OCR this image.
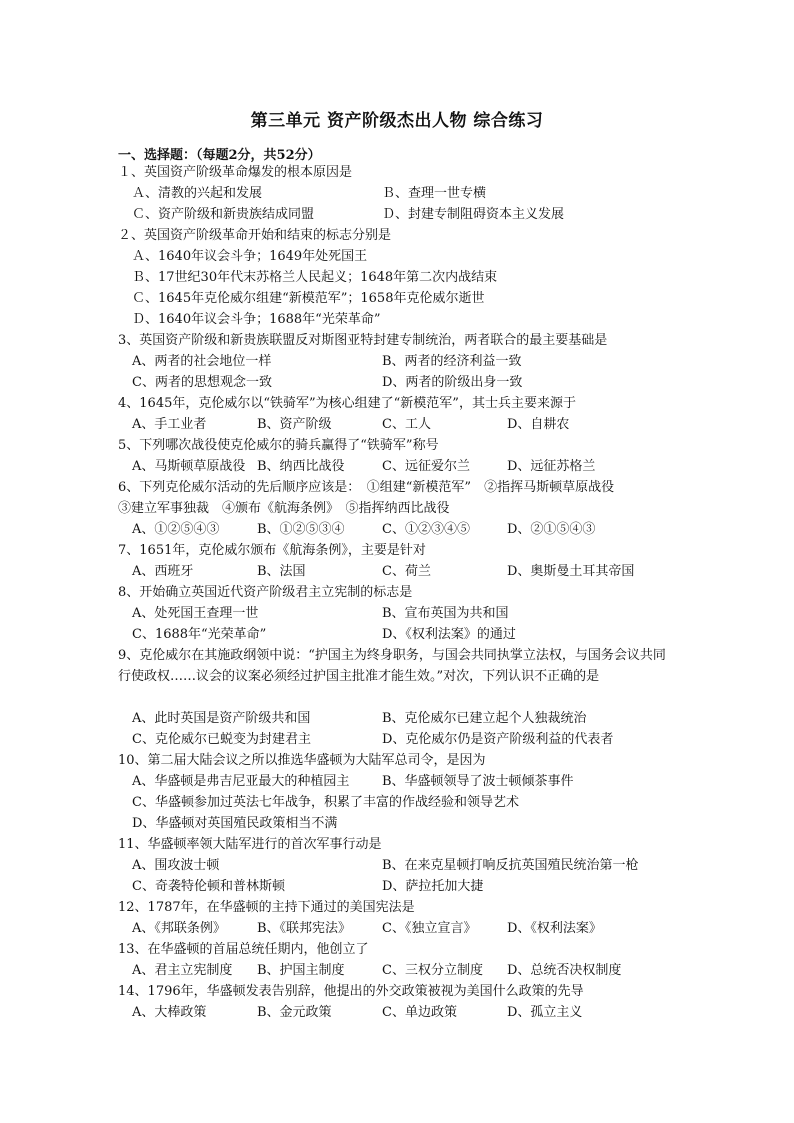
第三单元 资产阶级杰出人物 综合练习
一、选择题：（每题2分，共52分）
１、英国资产阶级革命爆发的根本原因是
Ａ、清教的兴起和发展	Ｂ、查理一世专横
Ｃ、资产阶级和新贵族结成同盟	Ｄ、封建专制阻碍资本主义发展
２、英国资产阶级革命开始和结束的标志分别是
Ａ、1640年议会斗争；1649年处死国王
Ｂ、17世纪30年代末苏格兰人民起义；1648年第二次内战结束
Ｃ、1645年克伦威尔组建“新模范军”；1658年克伦威尔逝世
Ｄ、1640年议会斗争；1688年“光荣革命”
3、英国资产阶级和新贵族联盟反对斯图亚特封建专制统治，两者联合的最主要基础是
A、两者的社会地位一样	B、两者的经济利益一致
C、两者的思想观念一致	D、两者的阶级出身一致
4、1645年，克伦威尔以“铁骑军”为核心组建了“新模范军”，其士兵主要来源于
A、手工业者	B、资产阶级	C、工人	D、自耕农
5、下列哪次战役使克伦威尔的骑兵赢得了“铁骑军”称号
A、马斯顿草原战役 B、纳西比战役	C、远征爱尔兰	D、远征苏格兰
6、下列克伦威尔活动的先后顺序应该是：　①组建“新模范军”　②指挥马斯顿草原战役
③建立军事独裁　④颁布《航海条例》　⑤指挥纳西比战役
A、①②⑤④③	B、①②⑤③④	C、①②③④⑤	D、②①⑤④③
7、1651年，克伦威尔颁布《航海条例》，主要是针对
A、西班牙	B、法国	C、荷兰	D、奥斯曼土耳其帝国
8、开始确立英国近代资产阶级君主立宪制的标志是
A、处死国王查理一世	B、宣布英国为共和国
C、1688年“光荣革命”	D、《权利法案》的通过
9、克伦威尔在其施政纲领中说：“护国主为终身职务，与国会共同执掌立法权，与国务会议共同行使政权……议会的议案必须经过护国主批准才能生效。”对次，下列认识不正确的是
A、此时英国是资产阶级共和国	B、克伦威尔已建立起个人独裁统治
C、克伦威尔已蜕变为封建君主	D、克伦威尔仍是资产阶级利益的代表者
10、第二届大陆会议之所以推选华盛顿为大陆军总司令，是因为
A、华盛顿是弗吉尼亚最大的种植园主	B、华盛顿领导了波士顿倾茶事件
C、华盛顿参加过英法七年战争，积累了丰富的作战经验和领导艺术
D、华盛顿对英国殖民政策相当不满
11、华盛顿率领大陆军进行的首次军事行动是
A、围攻波士顿	B、在来克星顿打响反抗英国殖民统治第一枪
C、奇袭特伦顿和普林斯顿	D、萨拉托加大捷
12、1787年，在华盛顿的主持下通过的美国宪法是
A、《邦联条例》 B、《联邦宪法》 C、《独立宣言》 D、《权利法案》
13、在华盛顿的首届总统任期内，他创立了
A、君主立宪制度 B、护国主制度	C、三权分立制度 D、总统否决权制度
14、1796年，华盛顿发表告别辞，他提出的外交政策被视为美国什么政策的先导
A、大棒政策	B、金元政策	C、单边政策	D、孤立主义
